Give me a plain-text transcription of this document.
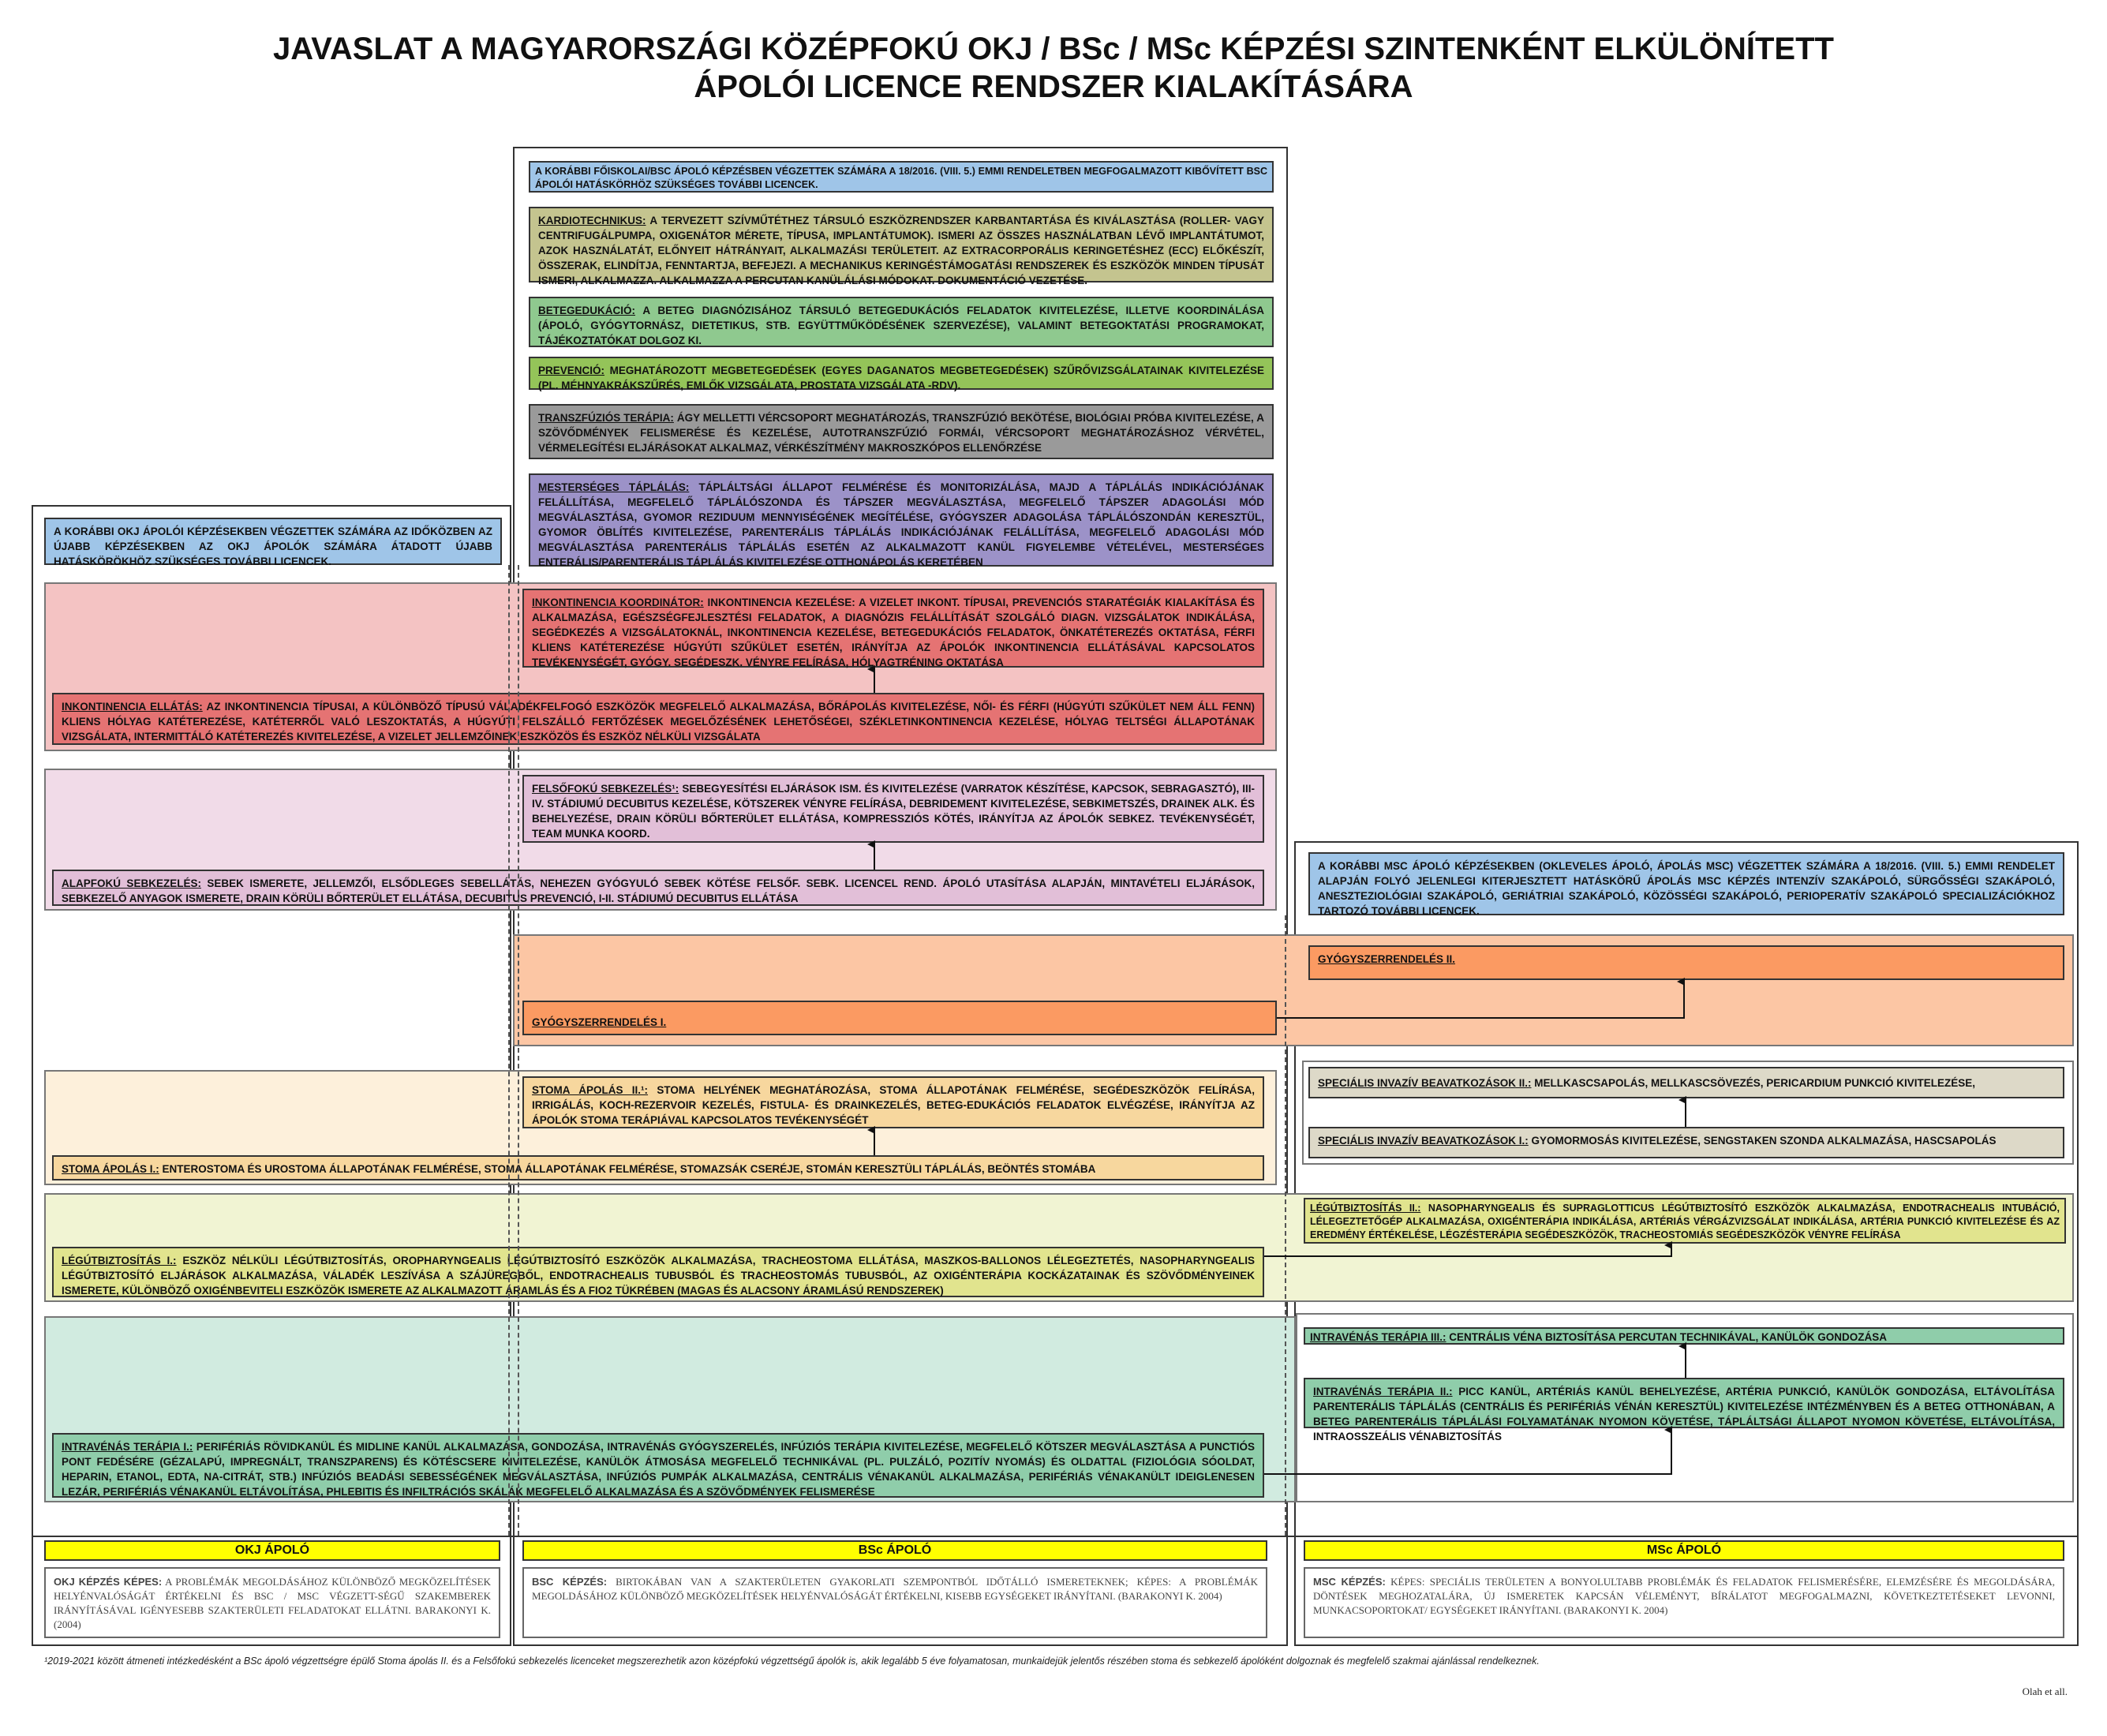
JAVASLAT A MAGYARORSZÁGI KÖZÉPFOKÚ OKJ / BSc / MSc KÉPZÉSI SZINTENKÉNT ELKÜLÖNÍTETT
ÁPOLÓI LICENCE RENDSZER KIALAKÍTÁSÁRA
A KORÁBBI FŐISKOLAI/BSC ÁPOLÓ KÉPZÉSBEN VÉGZETTEK SZÁMÁRA A 18/2016. (VIII. 5.) EMMI RENDELETBEN MEGFOGALMAZOTT KIBŐVÍTETT BSC ÁPOLÓI HATÁSKÖRHÖZ SZÜKSÉGES TOVÁBBI LICENCEK.
KARDIOTECHNIKUS: A TERVEZETT SZÍVMŰTÉTHEZ TÁRSULÓ ESZKÖZRENDSZER KARBANTARTÁSA ÉS KIVÁLASZTÁSA (ROLLER- VAGY CENTRIFUGÁLPUMPA, OXIGENÁTOR MÉRETE, TÍPUSA, IMPLANTÁTUMOK). ISMERI AZ ÖSSZES HASZNÁLATBAN LÉVŐ IMPLANTÁTUMOT, AZOK HASZNÁLATÁT, ELŐNYEIT HÁTRÁNYAIT, ALKALMAZÁSI TERÜLETEIT. AZ EXTRACORPORÁLIS KERINGETÉSHEZ (ECC) ELŐKÉSZÍT, ÖSSZERAK, ELINDÍTJA, FENNTARTJA, BEFEJEZI. A MECHANIKUS KERINGÉSTÁMOGATÁSI RENDSZEREK ÉS ESZKÖZÖK MINDEN TÍPUSÁT ISMERI, ALKALMAZZA. ALKALMAZZA A PERCUTAN KANÜLÁLÁSI MÓDOKAT. DOKUMENTÁCIÓ VEZETÉSE.
BETEGEDUKÁCIÓ: A BETEG DIAGNÓZISÁHOZ TÁRSULÓ BETEGEDUKÁCIÓS FELADATOK KIVITELEZÉSE, ILLETVE KOORDINÁLÁSA (ÁPOLÓ, GYÓGYTORNÁSZ, DIETETIKUS, STB. EGYÜTTMŰKÖDÉSÉNEK SZERVEZÉSE), VALAMINT BETEGOKTATÁSI PROGRAMOKAT, TÁJÉKOZTATÓKAT DOLGOZ KI.
PREVENCIÓ: MEGHATÁROZOTT MEGBETEGEDÉSEK (EGYES DAGANATOS MEGBETEGEDÉSEK) SZŰRŐVIZSGÁLATAINAK KIVITELEZÉSE (PL. MÉHNYAKRÁKSZŰRÉS, EMLŐK VIZSGÁLATA, PROSTATA VIZSGÁLATA -RDV).
TRANSZFÚZIÓS TERÁPIA: ÁGY MELLETTI VÉRCSOPORT MEGHATÁROZÁS, TRANSZFÚZIÓ BEKÖTÉSE, BIOLÓGIAI PRÓBA KIVITELEZÉSE, A SZÖVŐDMÉNYEK FELISMERÉSE ÉS KEZELÉSE, AUTOTRANSZFÚZIÓ FORMÁI, VÉRCSOPORT MEGHATÁROZÁSHOZ VÉRVÉTEL, VÉRMELEGÍTÉSI ELJÁRÁSOKAT ALKALMAZ, VÉRKÉSZÍTMÉNY MAKROSZKÓPOS ELLENŐRZÉSE
MESTERSÉGES TÁPLÁLÁS: TÁPLÁLTSÁGI ÁLLAPOT FELMÉRÉSE ÉS MONITORIZÁLÁSA, MAJD A TÁPLÁLÁS INDIKÁCIÓJÁNAK FELÁLLÍTÁSA, MEGFELELŐ TÁPLÁLÓSZONDA ÉS TÁPSZER MEGVÁLASZTÁSA, MEGFELELŐ TÁPSZER ADAGOLÁSI MÓD MEGVÁLASZTÁSA, GYOMOR REZIDUUM MENNYISÉGÉNEK MEGÍTÉLÉSE, GYÓGYSZER ADAGOLÁSA TÁPLÁLÓSZONDÁN KERESZTÜL, GYOMOR ÖBLÍTÉS KIVITELEZÉSE, PARENTERÁLIS TÁPLÁLÁS INDIKÁCIÓJÁNAK FELÁLLÍTÁSA, MEGFELELŐ ADAGOLÁSI MÓD MEGVÁLASZTÁSA PARENTERÁLIS TÁPLÁLÁS ESETÉN AZ ALKALMAZOTT KANÜL FIGYELEMBE VÉTELÉVEL, MESTERSÉGES ENTERÁLIS/PARENTERÁLIS TÁPLÁLÁS KIVITELEZÉSE OTTHONÁPOLÁS KERETÉBEN
A KORÁBBI OKJ ÁPOLÓI KÉPZÉSEKBEN VÉGZETTEK SZÁMÁRA AZ IDŐKÖZBEN AZ ÚJABB KÉPZÉSEKBEN AZ OKJ ÁPOLÓK SZÁMÁRA ÁTADOTT ÚJABB HATÁSKÖRÖKHÖZ SZÜKSÉGES TOVÁBBI LICENCEK.
INKONTINENCIA KOORDINÁTOR: INKONTINENCIA KEZELÉSE: A VIZELET INKONT. TÍPUSAI, PREVENCIÓS STARATÉGIÁK KIALAKÍTÁSA ÉS ALKALMAZÁSA, EGÉSZSÉGFEJLESZTÉSI FELADATOK, A DIAGNÓZIS FELÁLLÍTÁSÁT SZOLGÁLÓ DIAGN. VIZSGÁLATOK INDIKÁLÁSA, SEGÉDKEZÉS A VIZSGÁLATOKNÁL, INKONTINENCIA KEZELÉSE, BETEGEDUKÁCIÓS FELADATOK, ÖNKATÉTEREZÉS OKTATÁSA, FÉRFI KLIENS KATÉTEREZÉSE HÚGYÚTI SZŰKÜLET ESETÉN, IRÁNYÍTJA AZ ÁPOLÓK INKONTINENCIA ELLÁTÁSÁVAL KAPCSOLATOS TEVÉKENYSÉGÉT, GYÓGY. SEGÉDESZK. VÉNYRE FELÍRÁSA, HÓLYAGTRÉNING OKTATÁSA
INKONTINENCIA ELLÁTÁS: AZ INKONTINENCIA TÍPUSAI, A KÜLÖNBÖZŐ TÍPUSÚ VÁLADÉKFELFOGÓ ESZKÖZÖK MEGFELELŐ ALKALMAZÁSA, BŐRÁPOLÁS KIVITELEZÉSE, NŐI- ÉS FÉRFI (HÚGYÚTI SZŰKÜLET NEM ÁLL FENN) KLIENS HÓLYAG KATÉTEREZÉSE, KATÉTERRŐL VALÓ LESZOKTATÁS, A HÚGYÚTI FELSZÁLLÓ FERTŐZÉSEK MEGELŐZÉSÉNEK LEHETŐSÉGEI, SZÉKLETINKONTINENCIA KEZELÉSE, HÓLYAG TELTSÉGI ÁLLAPOTÁNAK VIZSGÁLATA, INTERMITTÁLÓ KATÉTEREZÉS KIVITELEZÉSE, A VIZELET JELLEMZŐINEK ESZKÖZÖS ÉS ESZKÖZ NÉLKÜLI VIZSGÁLATA
FELSŐFOKÚ SEBKEZELÉS¹: SEBEGYESÍTÉSI ELJÁRÁSOK ISM. ÉS KIVITELEZÉSE (VARRATOK KÉSZÍTÉSE, KAPCSOK, SEBRAGASZTÓ), III-IV. STÁDIUMÚ DECUBITUS KEZELÉSE, KÖTSZEREK VÉNYRE FELÍRÁSA, DEBRIDEMENT KIVITELEZÉSE, SEBKIMETSZÉS, DRAINEK ALK. ÉS BEHELYEZÉSE, DRAIN KÖRÜLI BŐRTERÜLET ELLÁTÁSA, KOMPRESSZIÓS KÖTÉS, IRÁNYÍTJA AZ ÁPOLÓK SEBKEZ. TEVÉKENYSÉGÉT, TEAM MUNKA KOORD.
ALAPFOKÚ SEBKEZELÉS: SEBEK ISMERETE, JELLEMZŐI, ELSŐDLEGES SEBELLÁTÁS, NEHEZEN GYÓGYULÓ SEBEK KÖTÉSE FELSŐF. SEBK. LICENCEL REND. ÁPOLÓ UTASÍTÁSA ALAPJÁN, MINTAVÉTELI ELJÁRÁSOK, SEBKEZELŐ ANYAGOK ISMERETE, DRAIN KÖRÜLI BŐRTERÜLET ELLÁTÁSA, DECUBITUS PREVENCIÓ, I-II. STÁDIUMÚ DECUBITUS ELLÁTÁSA
A KORÁBBI MSC ÁPOLÓ KÉPZÉSEKBEN (OKLEVELES ÁPOLÓ, ÁPOLÁS MSC) VÉGZETTEK SZÁMÁRA A 18/2016. (VIII. 5.) EMMI RENDELET ALAPJÁN FOLYÓ JELENLEGI KITERJESZTETT HATÁSKÖRŰ ÁPOLÁS MSC KÉPZÉS INTENZÍV SZAKÁPOLÓ, SÜRGŐSSÉGI SZAKÁPOLÓ, ANESZTEZIOLÓGIAI SZAKÁPOLÓ, GERIÁTRIAI SZAKÁPOLÓ, KÖZÖSSÉGI SZAKÁPOLÓ, PERIOPERATÍV SZAKÁPOLÓ SPECIALIZÁCIÓKHOZ TARTOZÓ TOVÁBBI LICENCEK.
GYÓGYSZERRENDELÉS II.
GYÓGYSZERRENDELÉS I.
STOMA ÁPOLÁS II.¹: STOMA HELYÉNEK MEGHATÁROZÁSA, STOMA ÁLLAPOTÁNAK FELMÉRÉSE, SEGÉDESZKÖZÖK FELÍRÁSA, IRRIGÁLÁS, KOCH-REZERVOIR KEZELÉS, FISTULA- ÉS DRAINKEZELÉS, BETEG-EDUKÁCIÓS FELADATOK ELVÉGZÉSE, IRÁNYÍTJA AZ ÁPOLÓK STOMA TERÁPIÁVAL KAPCSOLATOS TEVÉKENYSÉGÉT
STOMA ÁPOLÁS I.: ENTEROSTOMA ÉS UROSTOMA ÁLLAPOTÁNAK FELMÉRÉSE, STOMA ÁLLAPOTÁNAK FELMÉRÉSE, STOMAZSÁK CSERÉJE, STOMÁN KERESZTÜLI TÁPLÁLÁS, BEÖNTÉS STOMÁBA
SPECIÁLIS INVAZÍV BEAVATKOZÁSOK II.: MELLKASCSAPOLÁS, MELLKASCSÖVEZÉS, PERICARDIUM PUNKCIÓ KIVITELEZÉSE,
SPECIÁLIS INVAZÍV BEAVATKOZÁSOK I.: GYOMORMOSÁS KIVITELEZÉSE, SENGSTAKEN SZONDA ALKALMAZÁSA, HASCSAPOLÁS
LÉGÚTBIZTOSÍTÁS II.: NASOPHARYNGEALIS ÉS SUPRAGLOTTICUS LÉGÚTBIZTOSÍTÓ ESZKÖZÖK ALKALMAZÁSA, ENDOTRACHEALIS INTUBÁCIÓ, LÉLEGEZTETŐGÉP ALKALMAZÁSA, OXIGÉNTERÁPIA INDIKÁLÁSA, ARTÉRIÁS VÉRGÁZVIZSGÁLAT INDIKÁLÁSA, ARTÉRIA PUNKCIÓ KIVITELEZÉSE ÉS AZ EREDMÉNY ÉRTÉKELÉSE, LÉGZÉSTERÁPIA SEGÉDESZKÖZÖK, TRACHEOSTOMIÁS SEGÉDESZKÖZÖK VÉNYRE FELÍRÁSA
LÉGÚTBIZTOSÍTÁS I.: ESZKÖZ NÉLKÜLI LÉGÚTBIZTOSÍTÁS, OROPHARYNGEALIS LÉGÚTBIZTOSÍTÓ ESZKÖZÖK ALKALMAZÁSA, TRACHEOSTOMA ELLÁTÁSA, MASZKOS-BALLONOS LÉLEGEZTETÉS, NASOPHARYNGEALIS LÉGÚTBIZTOSÍTÓ ELJÁRÁSOK ALKALMAZÁSA, VÁLADÉK LESZÍVÁSA A SZÁJÜREGBŐL, ENDOTRACHEALIS TUBUSBÓL ÉS TRACHEOSTOMÁS TUBUSBÓL, AZ OXIGÉNTERÁPIA KOCKÁZATAINAK ÉS SZÖVŐDMÉNYEINEK ISMERETE, KÜLÖNBÖZŐ OXIGÉNBEVITELI ESZKÖZÖK ISMERETE AZ ALKALMAZOTT ÁRAMLÁS ÉS A FIO2 TÜKRÉBEN (MAGAS ÉS ALACSONY ÁRAMLÁSÚ RENDSZEREK)
INTRAVÉNÁS TERÁPIA III.: CENTRÁLIS VÉNA BIZTOSÍTÁSA PERCUTAN TECHNIKÁVAL, KANÜLÖK GONDOZÁSA
INTRAVÉNÁS TERÁPIA II.: PICC KANÜL, ARTÉRIÁS KANÜL BEHELYEZÉSE, ARTÉRIA PUNKCIÓ, KANÜLÖK GONDOZÁSA, ELTÁVOLÍTÁSA PARENTERÁLIS TÁPLÁLÁS (CENTRÁLIS ÉS PERIFÉRIÁS VÉNÁN KERESZTÜL) KIVITELEZÉSE INTÉZMÉNYBEN ÉS A BETEG OTTHONÁBAN, A BETEG PARENTERÁLIS TÁPLÁLÁSI FOLYAMATÁNAK NYOMON KÖVETÉSE, TÁPLÁLTSÁGI ÁLLAPOT NYOMON KÖVETÉSE, ELTÁVOLÍTÁSA, INTRAOSSZEÁLIS VÉNABIZTOSÍTÁS
INTRAVÉNÁS TERÁPIA I.: PERIFÉRIÁS RÖVIDKANÜL ÉS MIDLINE KANÜL ALKALMAZÁSA, GONDOZÁSA, INTRAVÉNÁS GYÓGYSZERELÉS, INFÚZIÓS TERÁPIA KIVITELEZÉSE, MEGFELELŐ KÖTSZER MEGVÁLASZTÁSA A PUNCTIÓS PONT FEDÉSÉRE (GÉZALAPÚ, IMPREGNÁLT, TRANSZPARENS) ÉS KÖTÉSCSERE KIVITELEZÉSE, KANÜLÖK ÁTMOSÁSA MEGFELELŐ TECHNIKÁVAL (PL. PULZÁLÓ, POZITÍV NYOMÁS) ÉS OLDATTAL (FIZIOLÓGIA SÓOLDAT, HEPARIN, ETANOL, EDTA, NA-CITRÁT, STB.) INFÚZIÓS BEADÁSI SEBESSÉGÉNEK MEGVÁLASZTÁSA, INFÚZIÓS PUMPÁK ALKALMAZÁSA, CENTRÁLIS VÉNAKANÜL ALKALMAZÁSA, PERIFÉRIÁS VÉNAKANÜLT IDEIGLENESEN LEZÁR, PERIFÉRIÁS VÉNAKANÜL ELTÁVOLÍTÁSA, PHLEBITIS ÉS INFILTRÁCIÓS SKÁLÁK MEGFELELŐ ALKALMAZÁSA ÉS A SZÖVŐDMÉNYEK FELISMERÉSE
OKJ ÁPOLÓ	BSc ÁPOLÓ	MSc ÁPOLÓ
OKJ KÉPZÉS KÉPES: A PROBLÉMÁK MEGOLDÁSÁHOZ KÜLÖNBÖZŐ MEGKÖZELÍTÉSEK HELYÉNVALÓSÁGÁT ÉRTÉKELNI ÉS BSC / MSC VÉGZETT-SÉGŰ SZAKEMBEREK IRÁNYÍTÁSÁVAL IGÉNYESEBB SZAKTERÜLETI FELADATOKAT ELLÁTNI. BARAKONYI K. (2004)
BSC KÉPZÉS: BIRTOKÁBAN VAN A SZAKTERÜLETEN GYAKORLATI SZEMPONTBÓL IDŐTÁLLÓ ISMERETEKNEK; KÉPES: A PROBLÉMÁK MEGOLDÁSÁHOZ KÜLÖNBÖZŐ MEGKÖZELÍTÉSEK HELYÉNVALÓSÁGÁT ÉRTÉKELNI, KISEBB EGYSÉGEKET IRÁNYÍTANI. (BARAKONYI K. 2004)
MSC KÉPZÉS: KÉPES: SPECIÁLIS TERÜLETEN A BONYOLULTABB PROBLÉMÁK ÉS FELADATOK FELISMERÉSÉRE, ELEMZÉSÉRE ÉS MEGOLDÁSÁRA, DÖNTÉSEK MEGHOZATALÁRA, ÚJ ISMERETEK KAPCSÁN VÉLEMÉNYT, BÍRÁLATOT MEGFOGALMAZNI, KÖVETKEZTETÉSEKET LEVONNI, MUNKACSOPORTOKAT/ EGYSÉGEKET IRÁNYÍTANI. (BARAKONYI K. 2004)
¹2019-2021 között átmeneti intézkedésként a BSc ápoló végzettségre épülő Stoma ápolás II. és a Felsőfokú sebkezelés licenceket megszerezhetik azon középfokú végzettségű ápolók is, akik legalább 5 éve folyamatosan, munkaidejük jelentős részében stoma és sebkezelő ápolóként dolgoznak és megfelelő szakmai ajánlással rendelkeznek.
Olah et all.
